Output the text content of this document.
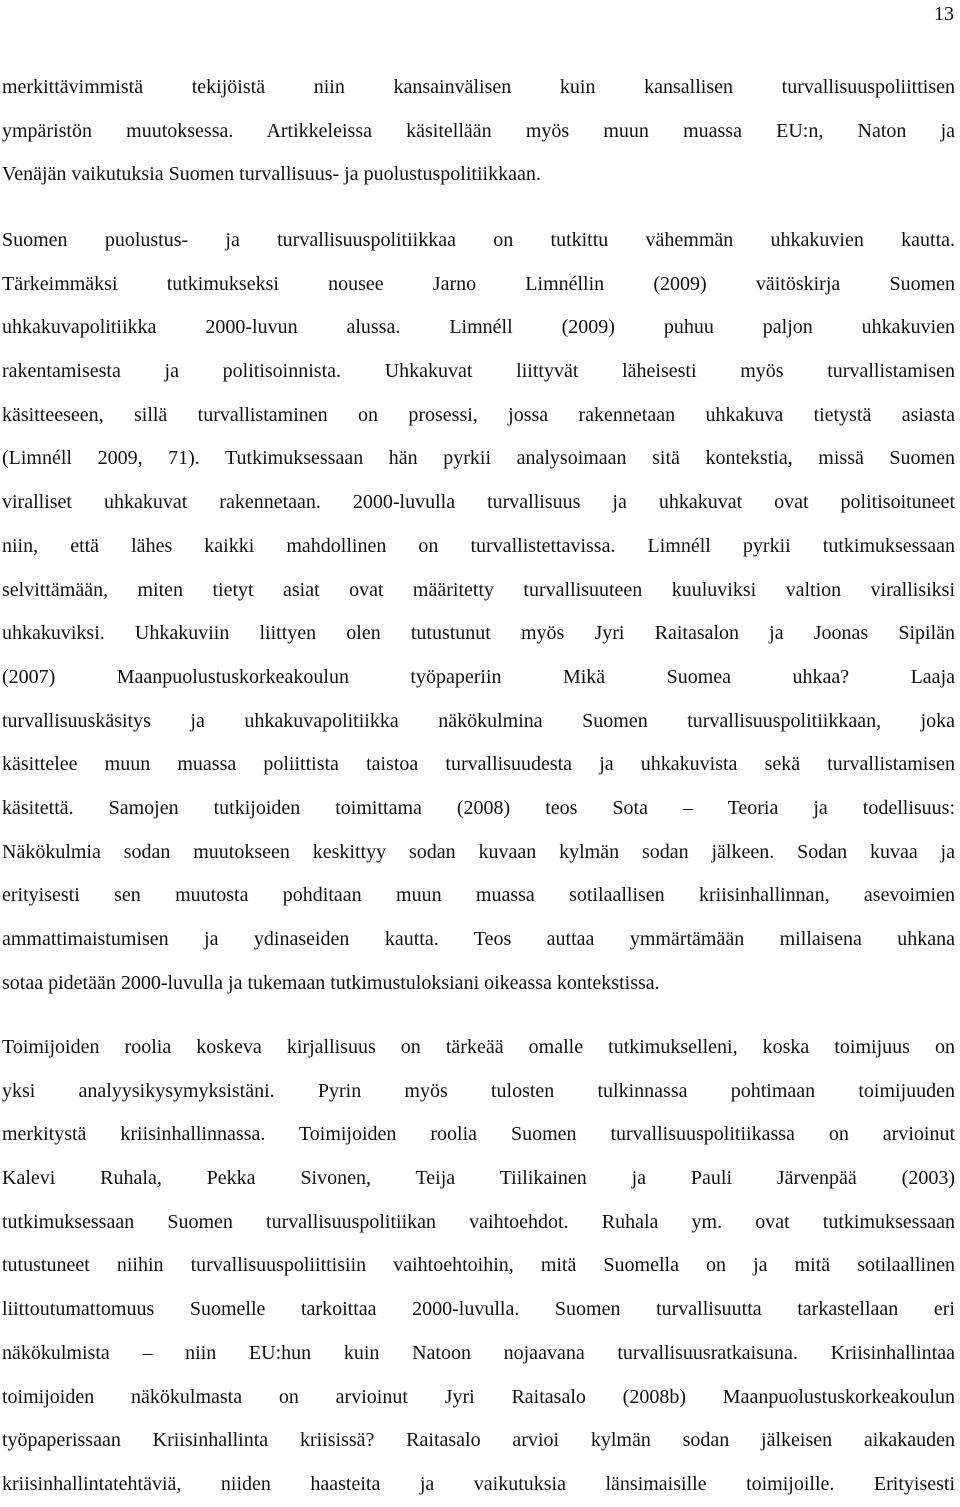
13
merkittävimmistä tekijöistä niin kansainvälisen kuin kansallisen turvallisuuspoliittisen
ympäristön muutoksessa. Artikkeleissa käsitellään myös muun muassa EU:n, Naton ja
Venäjän vaikutuksia Suomen turvallisuus- ja puolustuspolitiikkaan.
Suomen puolustus- ja turvallisuuspolitiikkaa on tutkittu vähemmän uhkakuvien kautta.
Tärkeimmäksi tutkimukseksi nousee Jarno Limnéllin (2009) väitöskirja Suomen
uhkakuvapolitiikka 2000-luvun alussa. Limnéll (2009) puhuu paljon uhkakuvien
rakentamisesta ja politisoinnista. Uhkakuvat liittyvät läheisesti myös turvallistamisen
käsitteeseen, sillä turvallistaminen on prosessi, jossa rakennetaan uhkakuva tietystä asiasta
(Limnéll 2009, 71). Tutkimuksessaan hän pyrkii analysoimaan sitä kontekstia, missä Suomen
viralliset uhkakuvat rakennetaan. 2000-luvulla turvallisuus ja uhkakuvat ovat politisoituneet
niin, että lähes kaikki mahdollinen on turvallistettavissa. Limnéll pyrkii tutkimuksessaan
selvittämään, miten tietyt asiat ovat määritetty turvallisuuteen kuuluviksi valtion virallisiksi
uhkakuviksi. Uhkakuviin liittyen olen tutustunut myös Jyri Raitasalon ja Joonas Sipilän
(2007) Maanpuolustuskorkeakoulun työpaperiin Mikä Suomea uhkaa? Laaja
turvallisuuskäsitys ja uhkakuvapolitiikka näkökulmina Suomen turvallisuuspolitiikkaan, joka
käsittelee muun muassa poliittista taistoa turvallisuudesta ja uhkakuvista sekä turvallistamisen
käsitettä. Samojen tutkijoiden toimittama (2008) teos Sota – Teoria ja todellisuus:
Näkökulmia sodan muutokseen keskittyy sodan kuvaan kylmän sodan jälkeen. Sodan kuvaa ja
erityisesti sen muutosta pohditaan muun muassa sotilaallisen kriisinhallinnan, asevoimien
ammattimaistumisen ja ydinaseiden kautta. Teos auttaa ymmärtämään millaisena uhkana
sotaa pidetään 2000-luvulla ja tukemaan tutkimustuloksiani oikeassa kontekstissa.
Toimijoiden roolia koskeva kirjallisuus on tärkeää omalle tutkimukselleni, koska toimijuus on
yksi analyysikysymyksistäni. Pyrin myös tulosten tulkinnassa pohtimaan toimijuuden
merkitystä kriisinhallinnassa. Toimijoiden roolia Suomen turvallisuuspolitiikassa on arvioinut
Kalevi Ruhala, Pekka Sivonen, Teija Tiilikainen ja Pauli Järvenpää (2003)
tutkimuksessaan Suomen turvallisuuspolitiikan vaihtoehdot. Ruhala ym. ovat tutkimuksessaan
tutustuneet niihin turvallisuuspoliittisiin vaihtoehtoihin, mitä Suomella on ja mitä sotilaallinen
liittoutumattomuus Suomelle tarkoittaa 2000-luvulla. Suomen turvallisuutta tarkastellaan eri
näkökulmista – niin EU:hun kuin Natoon nojaavana turvallisuusratkaisuna. Kriisinhallintaa
toimijoiden näkökulmasta on arvioinut Jyri Raitasalo (2008b) Maanpuolustuskorkeakoulun
työpaperissaan Kriisinhallinta kriisissä? Raitasalo arvioi kylmän sodan jälkeisen aikakauden
kriisinhallintatehtäviä, niiden haasteita ja vaikutuksia länsimaisille toimijoille. Erityisesti
